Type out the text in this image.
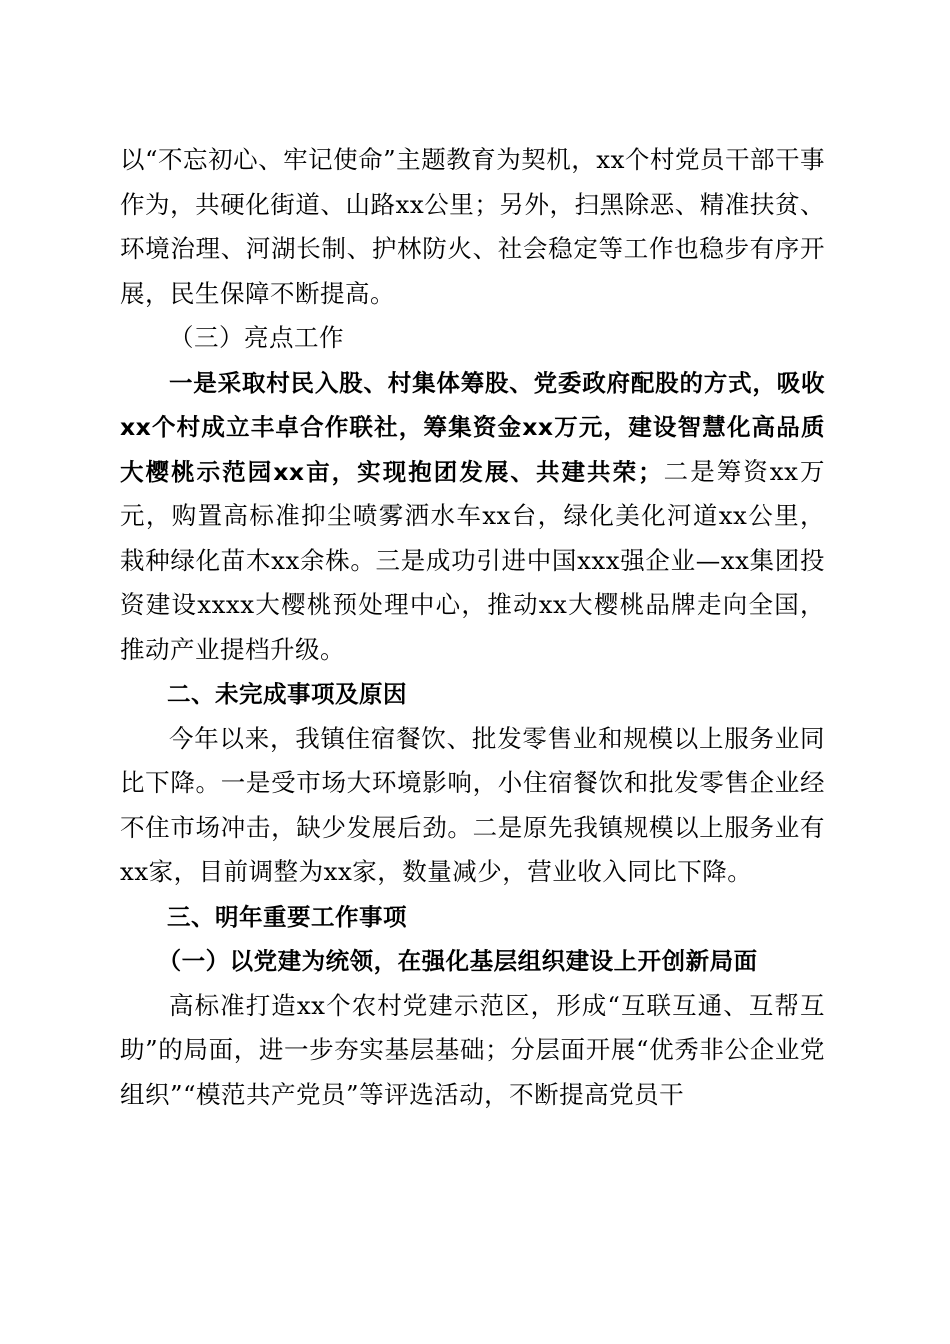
以“不忘初心、牢记使命”主题教育为契机，xx个村党员干部干事作为，共硬化街道、山路xx公里；另外，扫黑除恶、精准扶贫、环境治理、河湖长制、护林防火、社会稳定等工作也稳步有序开展，民生保障不断提高。

（三）亮点工作

一是采取村民入股、村集体筹股、党委政府配股的方式，吸收xx个村成立丰卓合作联社，筹集资金xx万元，建设智慧化高品质大樱桃示范园xx亩，实现抱团发展、共建共荣；二是筹资xx万元，购置高标准抑尘喷雾洒水车xx台，绿化美化河道xx公里，栽种绿化苗木xx余株。三是成功引进中国xxx强企业—xx集团投资建设xxxx大樱桃预处理中心，推动xx大樱桃品牌走向全国，推动产业提档升级。

二、未完成事项及原因

今年以来，我镇住宿餐饮、批发零售业和规模以上服务业同比下降。一是受市场大环境影响，小住宿餐饮和批发零售企业经不住市场冲击，缺少发展后劲。二是原先我镇规模以上服务业有xx家，目前调整为xx家，数量减少，营业收入同比下降。

三、明年重要工作事项

（一）以党建为统领，在强化基层组织建设上开创新局面

高标准打造xx个农村党建示范区，形成“互联互通、互帮互助”的局面，进一步夯实基层基础；分层面开展“优秀非公企业党组织”“模范共产党员”等评选活动，不断提高党员干
